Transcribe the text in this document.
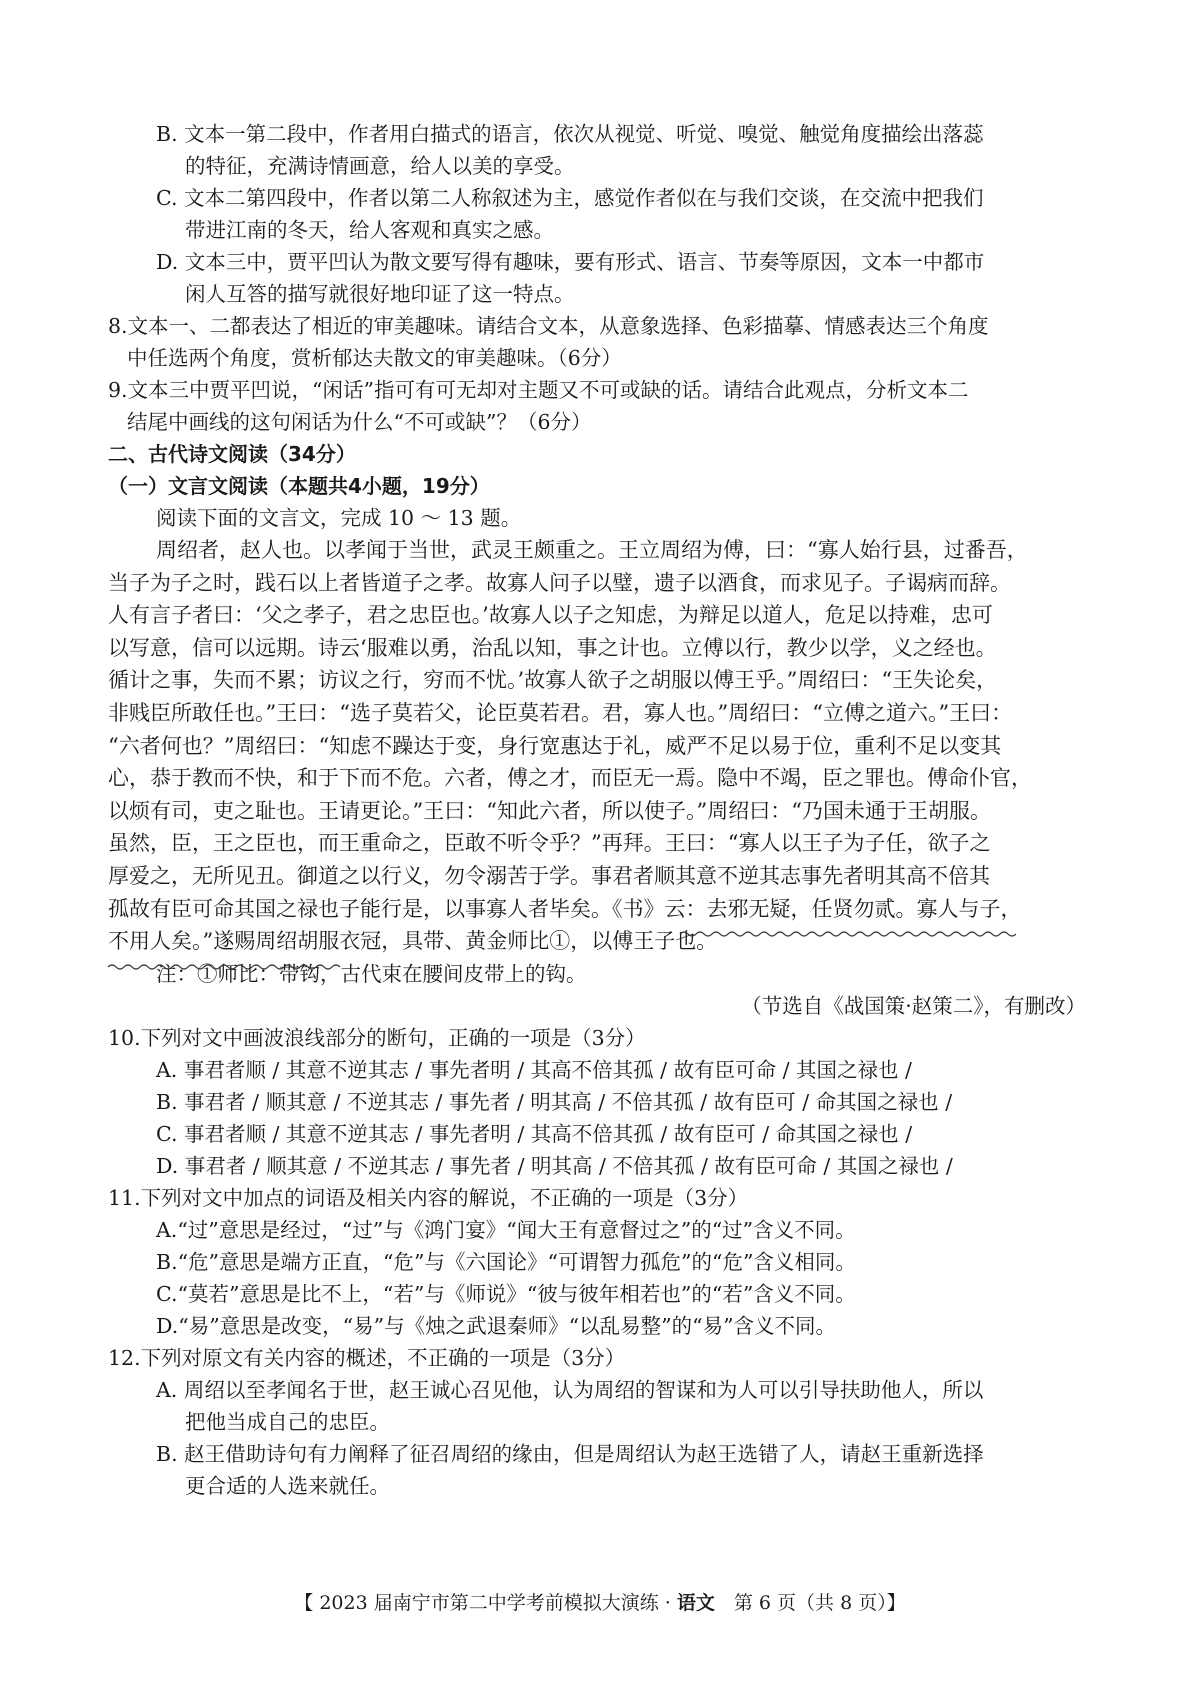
B. 文本一第二段中，作者用白描式的语言，依次从视觉、听觉、嗅觉、触觉角度描绘出落蕊
的特征，充满诗情画意，给人以美的享受。
C. 文本二第四段中，作者以第二人称叙述为主，感觉作者似在与我们交谈，在交流中把我们
带进江南的冬天，给人客观和真实之感。
D. 文本三中，贾平凹认为散文要写得有趣味，要有形式、语言、节奏等原因，文本一中都市
闲人互答的描写就很好地印证了这一特点。
8.文本一、二都表达了相近的审美趣味。请结合文本，从意象选择、色彩描摹、情感表达三个角度
中任选两个角度，赏析郁达夫散文的审美趣味。（6分）
9.文本三中贾平凹说，“闲话”指可有可无却对主题又不可或缺的话。请结合此观点，分析文本二
结尾中画线的这句闲话为什么“不可或缺”？（6分）
二、古代诗文阅读（34分）
（一）文言文阅读（本题共4小题，19分）
阅读下面的文言文，完成 10 ～ 13 题。
周绍者，赵人也。以孝闻于当世，武灵王颇重之。王立周绍为傅，曰：“寡人始行县，过番吾，
当子为子之时，践石以上者皆道子之孝。故寡人问子以璧，遗子以酒食，而求见子。子谒病而辞。
人有言子者曰：‘父之孝子，君之忠臣也。’故寡人以子之知虑，为辩足以道人，危足以持难，忠可
以写意，信可以远期。诗云‘服难以勇，治乱以知，事之计也。立傅以行，教少以学，义之经也。
循计之事，失而不累；访议之行，穷而不忧。’故寡人欲子之胡服以傅王乎。”周绍曰：“王失论矣，
非贱臣所敢任也。”王曰：“选子莫若父，论臣莫若君。君，寡人也。”周绍曰：“立傅之道六。”王曰：
“六者何也？”周绍曰：“知虑不躁达于变，身行宽惠达于礼，威严不足以易于位，重利不足以变其
心，恭于教而不快，和于下而不危。六者，傅之才，而臣无一焉。隐中不竭，臣之罪也。傅命仆官，
以烦有司，吏之耻也。王请更论。”王曰：“知此六者，所以使子。”周绍曰：“乃国未通于王胡服。
虽然，臣，王之臣也，而王重命之，臣敢不听令乎？”再拜。王曰：“寡人以王子为子任，欲子之
厚爱之，无所见丑。御道之以行义，勿令溺苦于学。事君者顺其意不逆其志事先者明其高不倍其
孤故有臣可命其国之禄也子能行是，以事寡人者毕矣。《书》云：去邪无疑，任贤勿贰。寡人与子，
不用人矣。”遂赐周绍胡服衣冠，具带、黄金师比①，以傅王子也。
注：①师比：带钩，古代束在腰间皮带上的钩。
（节选自《战国策·赵策二》，有删改）
10.下列对文中画波浪线部分的断句，正确的一项是（3分）
A. 事君者顺 / 其意不逆其志 / 事先者明 / 其高不倍其孤 / 故有臣可命 / 其国之禄也 /
B. 事君者 / 顺其意 / 不逆其志 / 事先者 / 明其高 / 不倍其孤 / 故有臣可 / 命其国之禄也 /
C. 事君者顺 / 其意不逆其志 / 事先者明 / 其高不倍其孤 / 故有臣可 / 命其国之禄也 /
D. 事君者 / 顺其意 / 不逆其志 / 事先者 / 明其高 / 不倍其孤 / 故有臣可命 / 其国之禄也 /
11.下列对文中加点的词语及相关内容的解说，不正确的一项是（3分）
A.“过”意思是经过，“过”与《鸿门宴》“闻大王有意督过之”的“过”含义不同。
B.“危”意思是端方正直，“危”与《六国论》“可谓智力孤危”的“危”含义相同。
C.“莫若”意思是比不上，“若”与《师说》“彼与彼年相若也”的“若”含义不同。
D.“易”意思是改变，“易”与《烛之武退秦师》“以乱易整”的“易”含义不同。
12.下列对原文有关内容的概述，不正确的一项是（3分）
A. 周绍以至孝闻名于世，赵王诚心召见他，认为周绍的智谋和为人可以引导扶助他人，所以
把他当成自己的忠臣。
B. 赵王借助诗句有力阐释了征召周绍的缘由，但是周绍认为赵王选错了人，请赵王重新选择
更合适的人选来就任。
【 2023 届南宁市第二中学考前模拟大演练 · 语文　第 6 页（共 8 页）】
